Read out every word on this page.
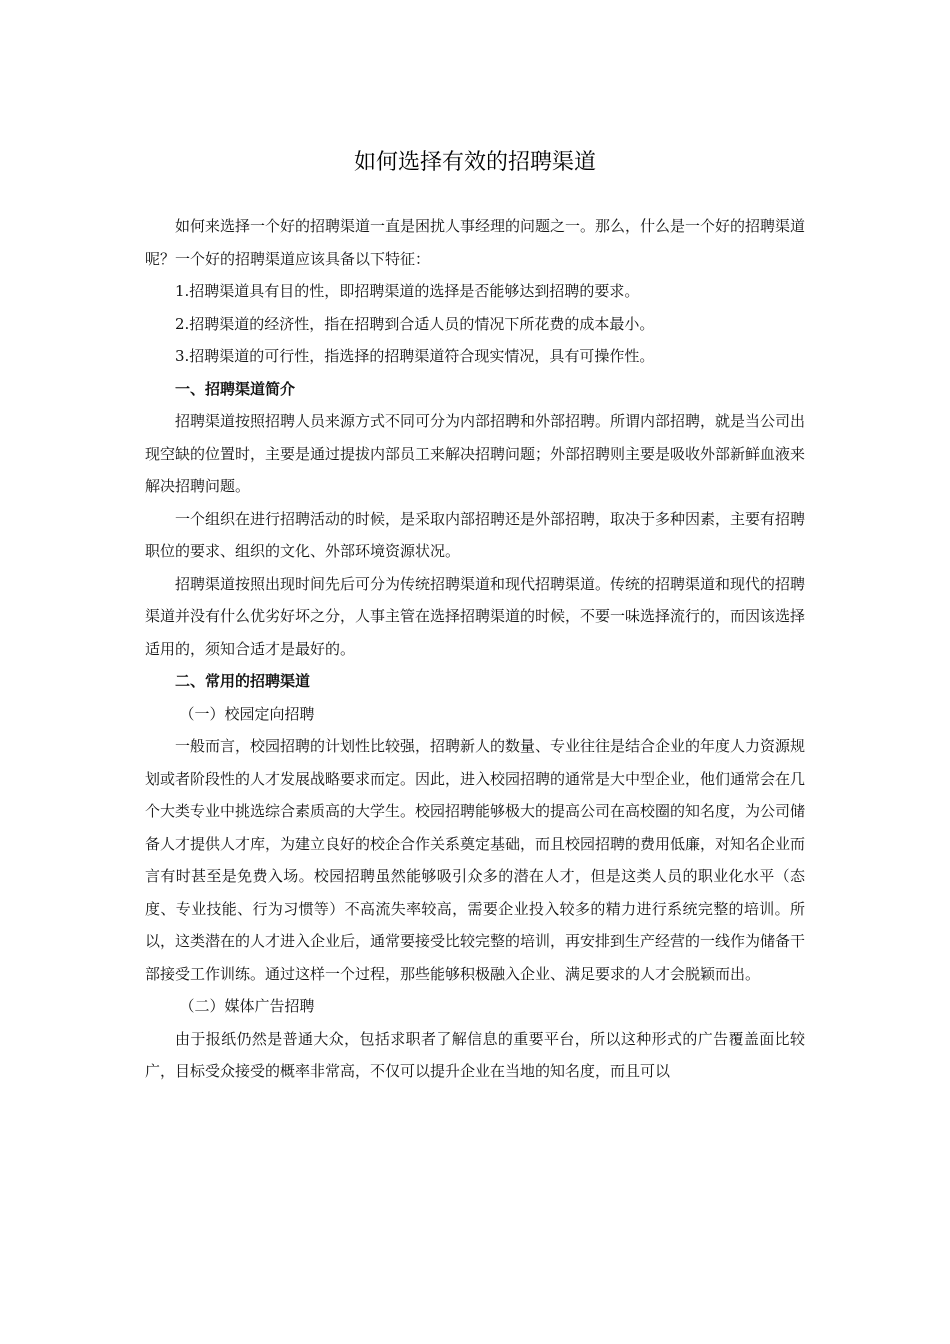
如何选择有效的招聘渠道

如何来选择一个好的招聘渠道一直是困扰人事经理的问题之一。那么，什么是一个好的招聘渠道呢？一个好的招聘渠道应该具备以下特征：

1.招聘渠道具有目的性，即招聘渠道的选择是否能够达到招聘的要求。

2.招聘渠道的经济性，指在招聘到合适人员的情况下所花费的成本最小。

3.招聘渠道的可行性，指选择的招聘渠道符合现实情况，具有可操作性。

一、招聘渠道简介

招聘渠道按照招聘人员来源方式不同可分为内部招聘和外部招聘。所谓内部招聘，就是当公司出现空缺的位置时，主要是通过提拔内部员工来解决招聘问题；外部招聘则主要是吸收外部新鲜血液来解决招聘问题。

一个组织在进行招聘活动的时候，是采取内部招聘还是外部招聘，取决于多种因素，主要有招聘职位的要求、组织的文化、外部环境资源状况。

招聘渠道按照出现时间先后可分为传统招聘渠道和现代招聘渠道。传统的招聘渠道和现代的招聘渠道并没有什么优劣好坏之分，人事主管在选择招聘渠道的时候，不要一味选择流行的，而因该选择适用的，须知合适才是最好的。

二、常用的招聘渠道
（一）校园定向招聘

一般而言，校园招聘的计划性比较强，招聘新人的数量、专业往往是结合企业的年度人力资源规划或者阶段性的人才发展战略要求而定。因此，进入校园招聘的通常是大中型企业，他们通常会在几个大类专业中挑选综合素质高的大学生。校园招聘能够极大的提高公司在高校圈的知名度，为公司储备人才提供人才库，为建立良好的校企合作关系奠定基础，而且校园招聘的费用低廉，对知名企业而言有时甚至是免费入场。校园招聘虽然能够吸引众多的潜在人才，但是这类人员的职业化水平（态度、专业技能、行为习惯等）不高流失率较高，需要企业投入较多的精力进行系统完整的培训。所以，这类潜在的人才进入企业后，通常要接受比较完整的培训，再安排到生产经营的一线作为储备干部接受工作训练。通过这样一个过程，那些能够积极融入企业、满足要求的人才会脱颖而出。

（二）媒体广告招聘

由于报纸仍然是普通大众，包括求职者了解信息的重要平台，所以这种形式的广告覆盖面比较广，目标受众接受的概率非常高，不仅可以提升企业在当地的知名度，而且可以
